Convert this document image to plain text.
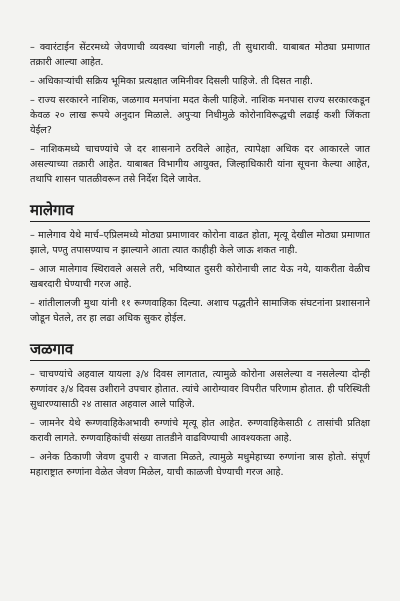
– क्वारंटाईन सेंटरमध्ये जेवणाची व्यवस्था चांगली नाही, ती सुधारावी. याबाबत मोठ्या प्रमाणात तक्रारी आल्या आहेत.

– अधिकाऱ्यांची सक्रिय भूमिका प्रत्यक्षात जमिनीवर दिसली पाहिजे. ती दिसत नाही.

– राज्य सरकारने नाशिक, जळगाव मनपांना मदत केली पाहिजे. नाशिक मनपास राज्य सरकारकडून केवळ २० लाख रूपये अनुदान मिळाले. अपुऱ्या निधीमुळे कोरोनाविरूद्धची लढाई कशी जिंकता येईल?

– नाशिकमध्ये चाचण्यांचे जे दर शासनाने ठरविले आहेत, त्यापेक्षा अधिक दर आकारले जात असल्याच्या तक्रारी आहेत. याबाबत विभागीय आयुक्त, जिल्हाधिकारी यांना सूचना केल्या आहेत, तथापि शासन पातळीवरून तसे निर्देश दिले जावेत.

मालेगाव

– मालेगाव येथे मार्च–एप्रिलमध्ये मोठ्या प्रमाणावर कोरोना वाढत होता, मृत्यू देखील मोठ्या प्रमाणात झाले, पण्तु तपासण्याच न झाल्याने आता त्यात काहीही केले जाऊ शकत नाही.

– आज मालेगाव स्थिरावले असले तरी, भविष्यात दुसरी कोरोनाची लाट येऊ नये, याकरीता वेळीच खबरदारी घेण्याची गरज आहे.

– शांतीलालजी मुथा यांनी ११ रूग्णवाहिका दिल्या. अशाच पद्धतीने सामाजिक संघटनांना प्रशासनाने जोडून घेतले, तर हा लढा अधिक सुकर होईल.

जळगाव

– चाचण्यांचे अहवाल यायला ३/४ दिवस लागतात, त्यामुळे कोरोना असलेल्या व नसलेल्या दोन्ही रुग्णांवर ३/४ दिवस उशीराने उपचार होतात. त्यांचे आरोग्यावर विपरीत परिणाम होतात. ही परिस्थिती सुधारण्यासाठी २४ तासात अहवाल आले पाहिजे.

– जामनेर येथे रूग्णवाहिकेअभावी रुग्णांचे मृत्यू होत आहेत. रुग्णवाहिकेसाठी ८ तासांची प्रतिक्षा करावी लागते. रुग्णवाहिकांची संख्या तातडीने वाढविण्याची आवश्यकता आहे.

– अनेक ठिकाणी जेवण दुपारी २ वाजता मिळते, त्यामुळे मधुमेहाच्या रुग्णांना त्रास होतो. संपूर्ण महाराष्ट्रात रुग्णांना वेळेत जेवण मिळेल, याची काळजी घेण्याची गरज आहे.
